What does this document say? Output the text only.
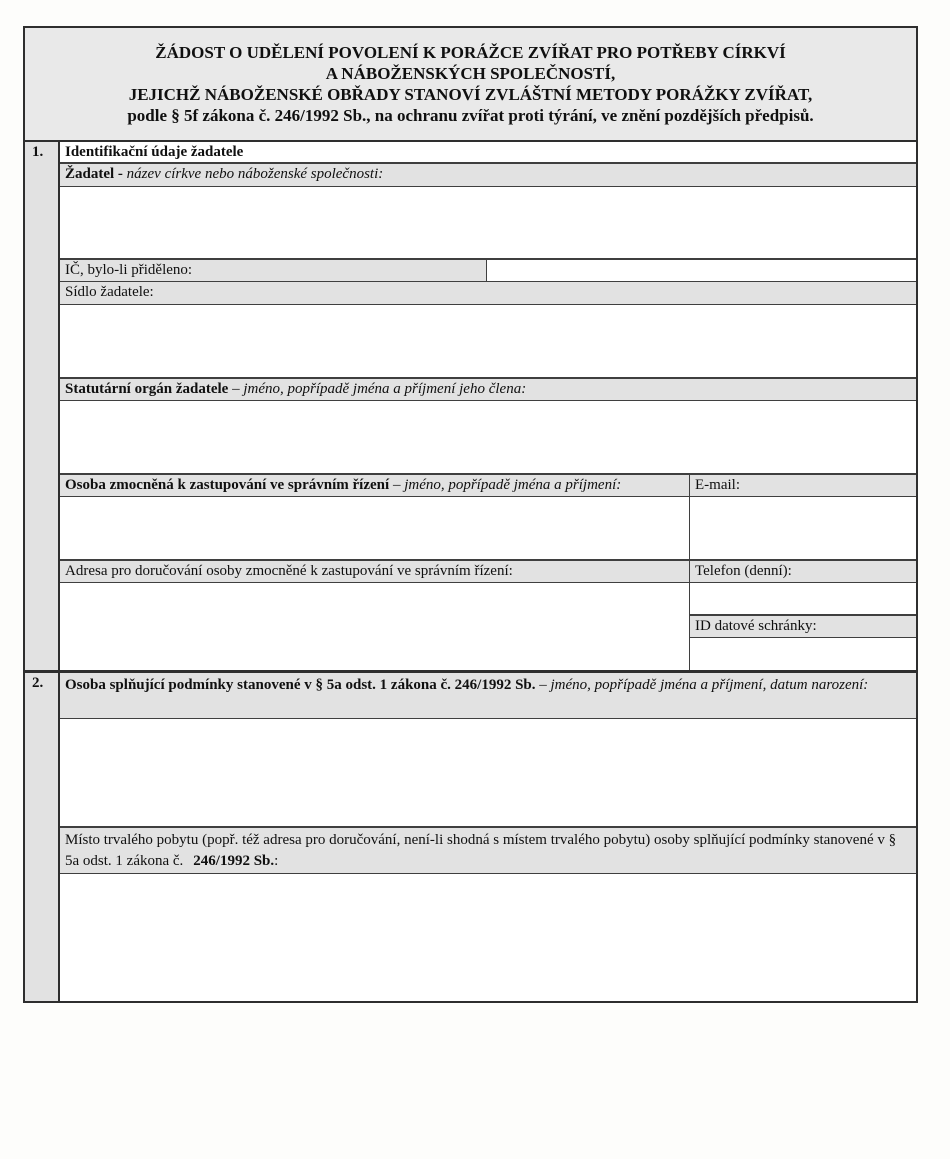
ŽÁDOST O UDĚLENÍ POVOLENÍ K PORÁŽCE ZVÍŘAT PRO POTŘEBY CÍRKVÍ
A NÁBOŽENSKÝCH SPOLEČNOSTÍ,
JEJICHŽ NÁBOŽENSKÉ OBŘADY STANOVÍ ZVLÁŠTNÍ METODY PORÁŽKY ZVÍŘAT,
podle § 5f zákona č. 246/1992 Sb., na ochranu zvířat proti týrání, ve znění pozdějších předpisů.
1.	Identifikační údaje žadatele
Žadatel - název církve nebo náboženské společnosti:
IČ, bylo-li přiděleno:
Sídlo žadatele:
Statutární orgán žadatele – jméno, popřípadě jména a příjmení jeho člena:
Osoba zmocněná k zastupování ve správním řízení – jméno, popřípadě jména a příjmení:
Adresa pro doručování osoby zmocněné k zastupování ve správním řízení:
E-mail:
Telefon (denní):
ID datové schránky:
2.	Osoba splňující podmínky stanovené v § 5a odst. 1 zákona č. 246/1992 Sb. – jméno, popřípadě jména a příjmení, datum narození:
Místo trvalého pobytu (popř. též adresa pro doručování, není-li shodná s místem trvalého pobytu) osoby splňující podmínky stanovené v § 5a odst. 1 zákona č. 246/1992 Sb.:
